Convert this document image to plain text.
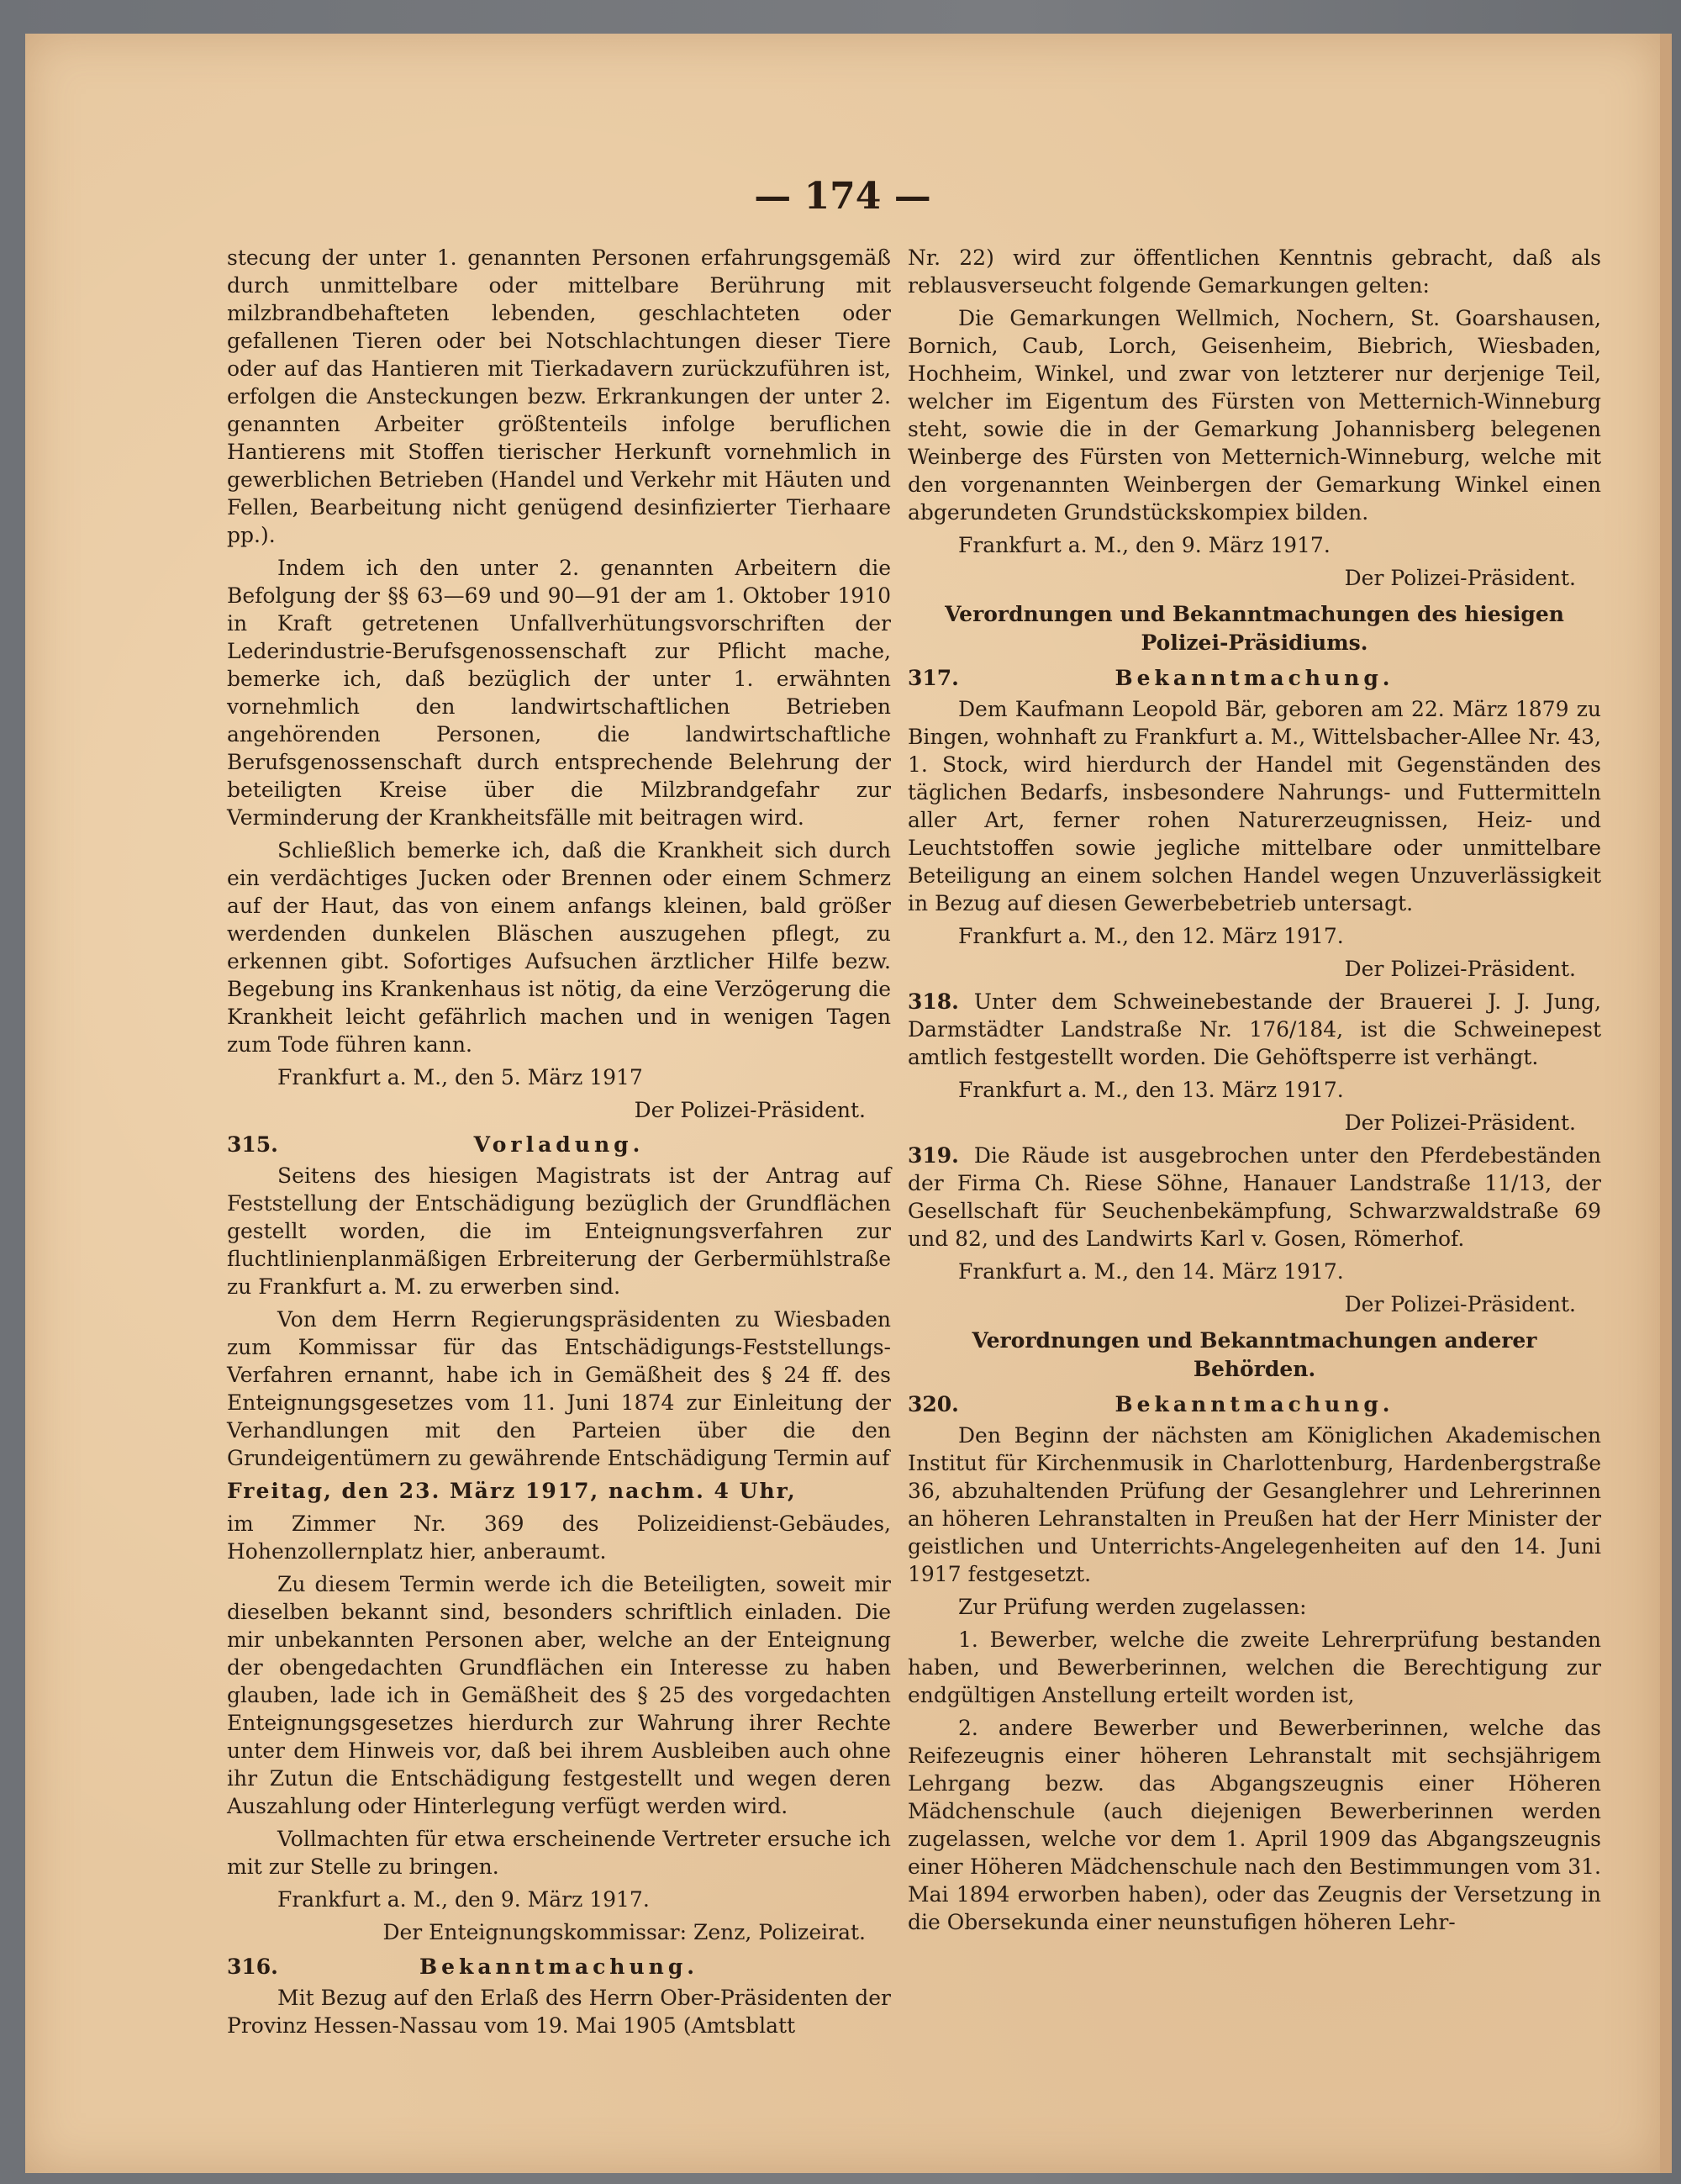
— 174 —

stecung der unter 1. genannten Personen erfahrungsgemäß durch unmittelbare oder mittelbare Berührung mit milzbrandbehafteten lebenden, geschlachteten oder gefallenen Tieren oder bei Notschlachtungen dieser Tiere oder auf das Hantieren mit Tierkadavern zurückzuführen ist, erfolgen die Ansteckungen bezw. Erkrankungen der unter 2. genannten Arbeiter größtenteils infolge beruflichen Hantierens mit Stoffen tierischer Herkunft vornehmlich in gewerblichen Betrieben (Handel und Verkehr mit Häuten und Fellen, Bearbeitung nicht genügend desinfizierter Tierhaare pp.).

Indem ich den unter 2. genannten Arbeitern die Befolgung der §§ 63—69 und 90—91 der am 1. Oktober 1910 in Kraft getretenen Unfallverhütungsvorschriften der Lederindustrie-Berufsgenossenschaft zur Pflicht mache, bemerke ich, daß bezüglich der unter 1. erwähnten vornehmlich den landwirtschaftlichen Betrieben angehörenden Personen, die landwirtschaftliche Berufsgenossenschaft durch entsprechende Belehrung der beteiligten Kreise über die Milzbrandgefahr zur Verminderung der Krankheitsfälle mit beitragen wird.

Schließlich bemerke ich, daß die Krankheit sich durch ein verdächtiges Jucken oder Brennen oder einem Schmerz auf der Haut, das von einem anfangs kleinen, bald größer werdenden dunkelen Bläschen auszugehen pflegt, zu erkennen gibt. Sofortiges Aufsuchen ärztlicher Hilfe bezw. Begebung ins Krankenhaus ist nötig, da eine Verzögerung die Krankheit leicht gefährlich machen und in wenigen Tagen zum Tode führen kann.

Frankfurt a. M., den 5. März 1917

Der Polizei-Präsident.

315.	Vorladung.

Seitens des hiesigen Magistrats ist der Antrag auf Feststellung der Entschädigung bezüglich der Grundflächen gestellt worden, die im Enteignungsverfahren zur fluchtlinienplanmäßigen Erbreiterung der Gerbermühlstraße zu Frankfurt a. M. zu erwerben sind.

Von dem Herrn Regierungspräsidenten zu Wiesbaden zum Kommissar für das Entschädigungs-Feststellungs-Verfahren ernannt, habe ich in Gemäßheit des § 24 ff. des Enteignungsgesetzes vom 11. Juni 1874 zur Einleitung der Verhandlungen mit den Parteien über die den Grundeigentümern zu gewährende Entschädigung Termin auf

Freitag, den 23. März 1917, nachm. 4 Uhr,

im Zimmer Nr. 369 des Polizeidienst-Gebäudes, Hohenzollernplatz hier, anberaumt.

Zu diesem Termin werde ich die Beteiligten, soweit mir dieselben bekannt sind, besonders schriftlich einladen. Die mir unbekannten Personen aber, welche an der Enteignung der obengedachten Grundflächen ein Interesse zu haben glauben, lade ich in Gemäßheit des § 25 des vorgedachten Enteignungsgesetzes hierdurch zur Wahrung ihrer Rechte unter dem Hinweis vor, daß bei ihrem Ausbleiben auch ohne ihr Zutun die Entschädigung festgestellt und wegen deren Auszahlung oder Hinterlegung verfügt werden wird.

Vollmachten für etwa erscheinende Vertreter ersuche ich mit zur Stelle zu bringen.

Frankfurt a. M., den 9. März 1917.

Der Enteignungskommissar: Zenz, Polizeirat.

316.	Bekanntmachung.

Mit Bezug auf den Erlaß des Herrn Ober-Präsidenten der Provinz Hessen-Nassau vom 19. Mai 1905 (Amtsblatt

Nr. 22) wird zur öffentlichen Kenntnis gebracht, daß als reblausverseucht folgende Gemarkungen gelten:

Die Gemarkungen Wellmich, Nochern, St. Goarshausen, Bornich, Caub, Lorch, Geisenheim, Biebrich, Wiesbaden, Hochheim, Winkel, und zwar von letzterer nur derjenige Teil, welcher im Eigentum des Fürsten von Metternich-Winneburg steht, sowie die in der Gemarkung Johannisberg belegenen Weinberge des Fürsten von Metternich-Winneburg, welche mit den vorgenannten Weinbergen der Gemarkung Winkel einen abgerundeten Grundstückskompiex bilden.

Frankfurt a. M., den 9. März 1917.

Der Polizei-Präsident.

Verordnungen und Bekanntmachungen des hiesigen Polizei-Präsidiums.
317.	Bekanntmachung.

Dem Kaufmann Leopold Bär, geboren am 22. März 1879 zu Bingen, wohnhaft zu Frankfurt a. M., Wittelsbacher-Allee Nr. 43, 1. Stock, wird hierdurch der Handel mit Gegenständen des täglichen Bedarfs, insbesondere Nahrungs- und Futtermitteln aller Art, ferner rohen Naturerzeugnissen, Heiz- und Leuchtstoffen sowie jegliche mittelbare oder unmittelbare Beteiligung an einem solchen Handel wegen Unzuverlässigkeit in Bezug auf diesen Gewerbebetrieb untersagt.

Frankfurt a. M., den 12. März 1917.

Der Polizei-Präsident.

318. Unter dem Schweinebestande der Brauerei J. J. Jung, Darmstädter Landstraße Nr. 176/184, ist die Schweinepest amtlich festgestellt worden. Die Gehöftsperre ist verhängt.

Frankfurt a. M., den 13. März 1917.

Der Polizei-Präsident.

319. Die Räude ist ausgebrochen unter den Pferdebeständen der Firma Ch. Riese Söhne, Hanauer Landstraße 11/13, der Gesellschaft für Seuchenbekämpfung, Schwarzwaldstraße 69 und 82, und des Landwirts Karl v. Gosen, Römerhof.

Frankfurt a. M., den 14. März 1917.

Der Polizei-Präsident.

Verordnungen und Bekanntmachungen anderer Behörden.
320.	Bekanntmachung.

Den Beginn der nächsten am Königlichen Akademischen Institut für Kirchenmusik in Charlottenburg, Hardenbergstraße 36, abzuhaltenden Prüfung der Gesanglehrer und Lehrerinnen an höheren Lehranstalten in Preußen hat der Herr Minister der geistlichen und Unterrichts-Angelegenheiten auf den 14. Juni 1917 festgesetzt.

Zur Prüfung werden zugelassen:

1. Bewerber, welche die zweite Lehrerprüfung bestanden haben, und Bewerberinnen, welchen die Berechtigung zur endgültigen Anstellung erteilt worden ist,

2. andere Bewerber und Bewerberinnen, welche das Reifezeugnis einer höheren Lehranstalt mit sechsjährigem Lehrgang bezw. das Abgangszeugnis einer Höheren Mädchenschule (auch diejenigen Bewerberinnen werden zugelassen, welche vor dem 1. April 1909 das Abgangszeugnis einer Höheren Mädchenschule nach den Bestimmungen vom 31. Mai 1894 erworben haben), oder das Zeugnis der Versetzung in die Obersekunda einer neunstufigen höheren Lehr-
